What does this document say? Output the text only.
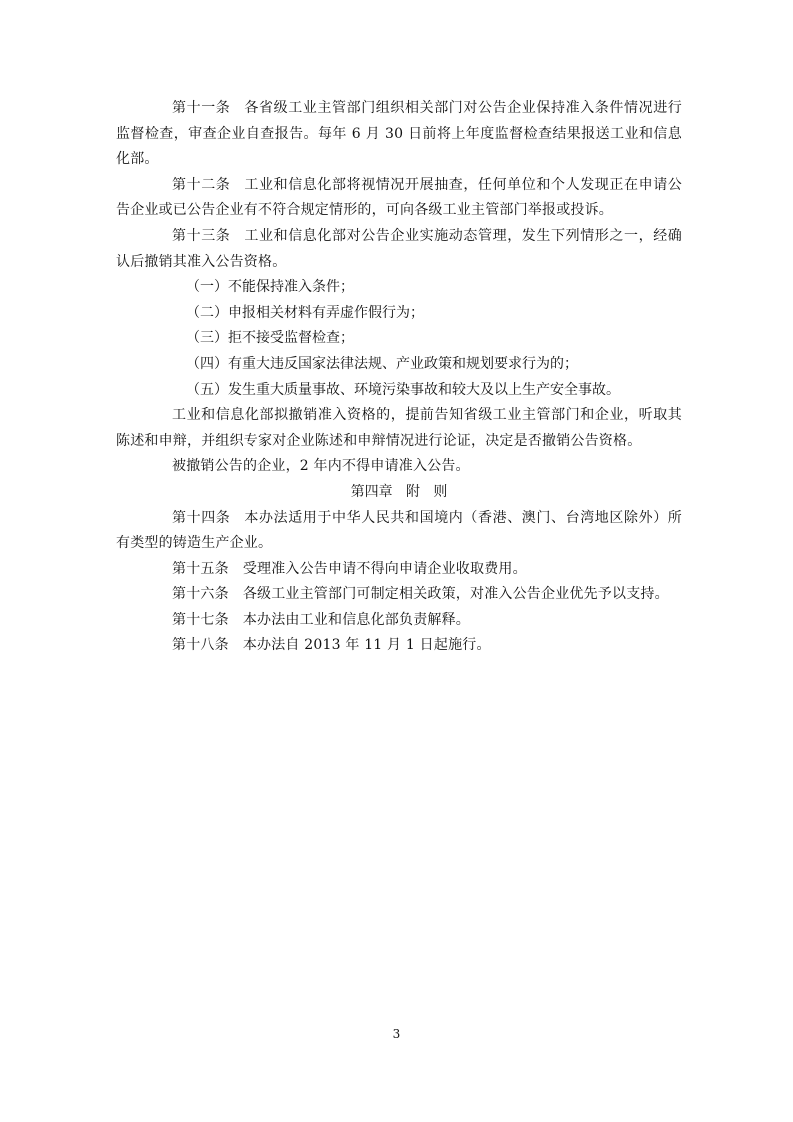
第十一条 各省级工业主管部门组织相关部门对公告企业保持准入条件情况进行监督检查，审查企业自查报告。每年 6 月 30 日前将上年度监督检查结果报送工业和信息化部。

第十二条 工业和信息化部将视情况开展抽查，任何单位和个人发现正在申请公告企业或已公告企业有不符合规定情形的，可向各级工业主管部门举报或投诉。

第十三条 工业和信息化部对公告企业实施动态管理，发生下列情形之一，经确认后撤销其准入公告资格。

（一）不能保持准入条件；

（二）申报相关材料有弄虚作假行为；

（三）拒不接受监督检查；

（四）有重大违反国家法律法规、产业政策和规划要求行为的；

（五）发生重大质量事故、环境污染事故和较大及以上生产安全事故。

工业和信息化部拟撤销准入资格的，提前告知省级工业主管部门和企业，听取其陈述和申辩，并组织专家对企业陈述和申辩情况进行论证，决定是否撤销公告资格。

被撤销公告的企业，2 年内不得申请准入公告。

第四章   附   则

第十四条 本办法适用于中华人民共和国境内（香港、澳门、台湾地区除外）所有类型的铸造生产企业。

第十五条 受理准入公告申请不得向申请企业收取费用。

第十六条 各级工业主管部门可制定相关政策，对准入公告企业优先予以支持。

第十七条 本办法由工业和信息化部负责解释。

第十八条 本办法自 2013 年 11 月 1 日起施行。

3
